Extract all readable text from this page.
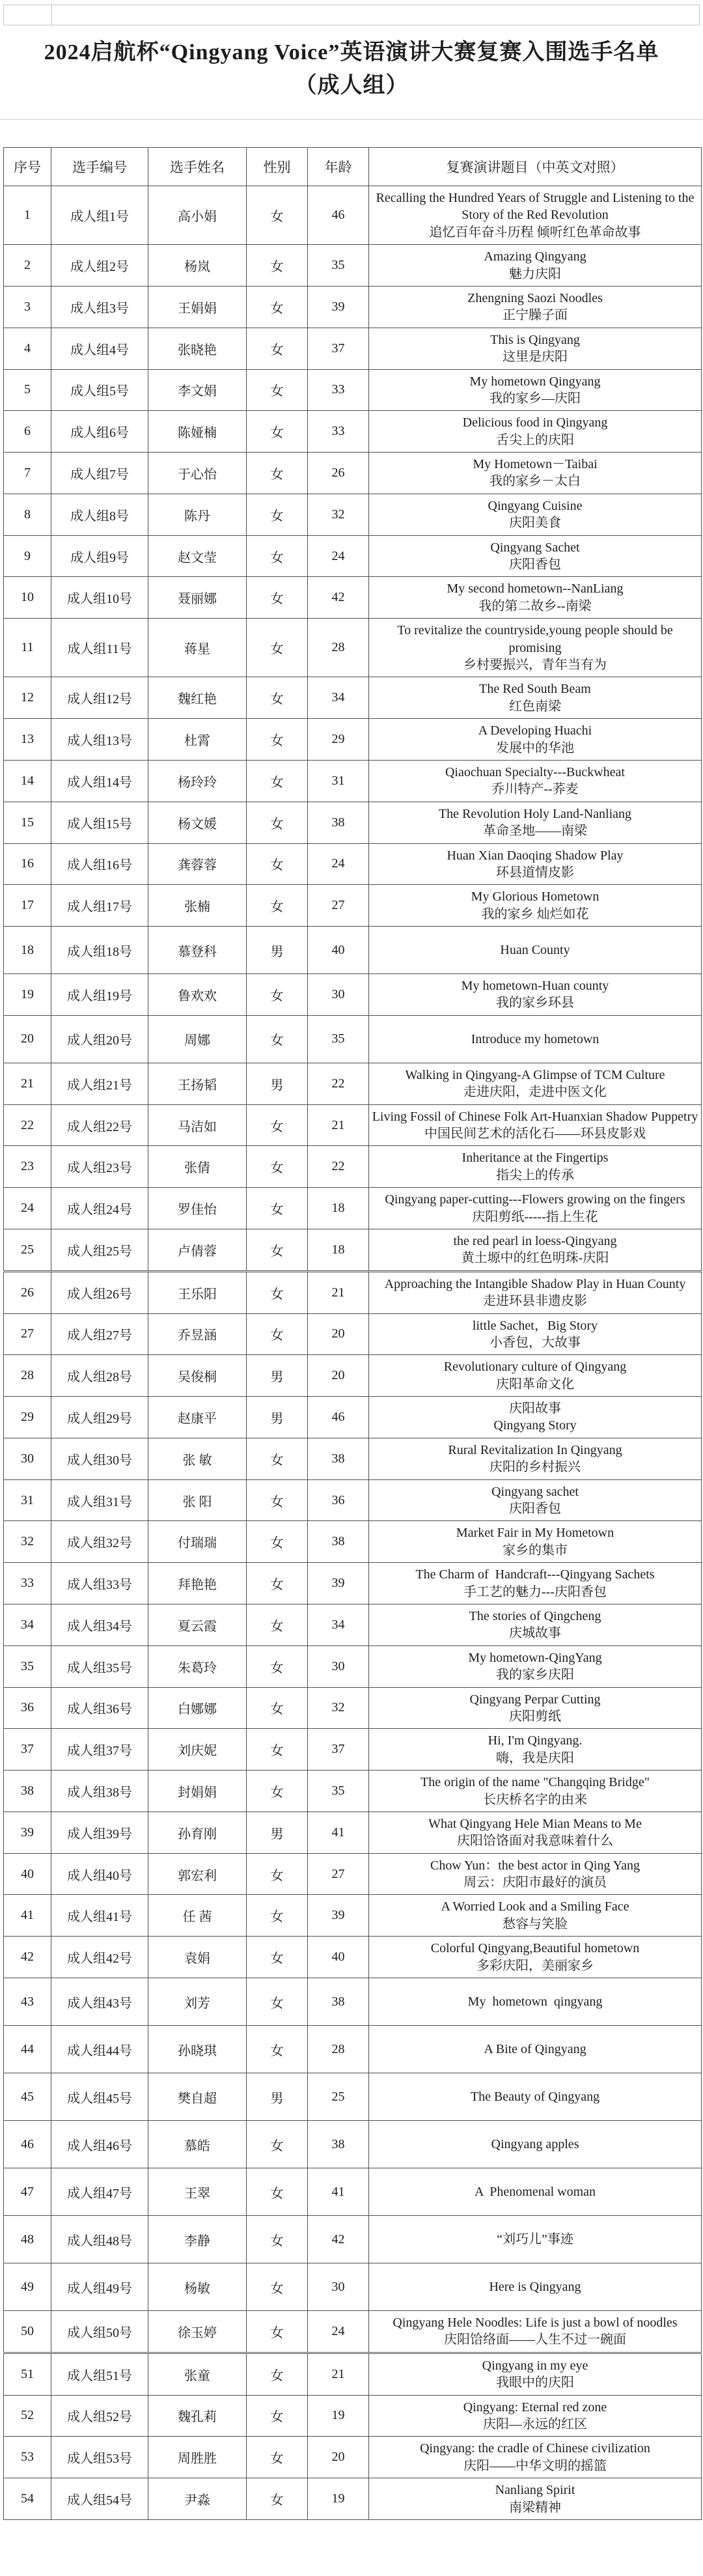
2024启航杯“Qingyang Voice”英语演讲大赛复赛入围选手名单
（成人组）
序号	选手编号	选手姓名	性别	年龄	复赛演讲题目（中英文对照）
1	成人组1号	高小娟	女	46	Recalling the Hundred Years of Struggle and Listening to the Story of the Red Revolution
追忆百年奋斗历程 倾听红色革命故事

2	成人组2号	杨岚	女	35	Amazing Qingyang
魅力庆阳

3	成人组3号	王娟娟	女	39	Zhengning Saozi Noodles
正宁臊子面

4	成人组4号	张晓艳	女	37	This is Qingyang
这里是庆阳

5	成人组5号	李文娟	女	33	My hometown Qingyang
我的家乡—庆阳

6	成人组6号	陈娅楠	女	33	Delicious food in Qingyang
舌尖上的庆阳

7	成人组7号	于心怡	女	26	My Hometown－Taibai
我的家乡－太白

8	成人组8号	陈丹	女	32	Qingyang Cuisine
庆阳美食

9	成人组9号	赵文莹	女	24	Qingyang Sachet
庆阳香包

10	成人组10号	聂丽娜	女	42	My second hometown--NanLiang
我的第二故乡--南梁

11	成人组11号	蒋星	女	28	To revitalize the countryside,young people should be promising
乡村要振兴，青年当有为

12	成人组12号	魏红艳	女	34	The Red South Beam
红色南梁

13	成人组13号	杜霄	女	29	A Developing Huachi
发展中的华池

14	成人组14号	杨玲玲	女	31	Qiaochuan Specialty---Buckwheat
乔川特产--荞麦

15	成人组15号	杨文媛	女	38	The Revolution Holy Land-Nanliang
革命圣地——南梁

16	成人组16号	龚蓉蓉	女	24	Huan Xian Daoqing Shadow Play
环县道情皮影

17	成人组17号	张楠	女	27	My Glorious Hometown
我的家乡 灿烂如花

18	成人组18号	慕登科	男	40	Huan County

19	成人组19号	鲁欢欢	女	30	My hometown-Huan county
我的家乡环县

20	成人组20号	周娜	女	35	Introduce my hometown

21	成人组21号	王扬韬	男	22	Walking in Qingyang-A Glimpse of TCM Culture
走进庆阳，走进中医文化

22	成人组22号	马洁如	女	21	Living Fossil of Chinese Folk Art-Huanxian Shadow Puppetry
中国民间艺术的活化石——环县皮影戏

23	成人组23号	张倩	女	22	Inheritance at the Fingertips
指尖上的传承

24	成人组24号	罗佳怡	女	18	Qingyang paper-cutting---Flowers growing on the fingers
庆阳剪纸-----指上生花

25	成人组25号	卢倩蓉	女	18	the red pearl in loess-Qingyang
黄土塬中的红色明珠-庆阳

26	成人组26号	王乐阳	女	21	Approaching the Intangible Shadow Play in Huan County
走进环县非遗皮影

27	成人组27号	乔昱涵	女	20	little Sachet，Big Story
小香包，大故事

28	成人组28号	吴俊桐	男	20	Revolutionary culture of Qingyang
庆阳革命文化

29	成人组29号	赵康平	男	46	庆阳故事
Qingyang Story

30	成人组30号	张 敏	女	38	Rural Revitalization In Qingyang
庆阳的乡村振兴

31	成人组31号	张 阳	女	36	Qingyang sachet
庆阳香包

32	成人组32号	付瑞瑞	女	38	Market Fair in My Hometown
家乡的集市

33	成人组33号	拜艳艳	女	39	The Charm of  Handcraft---Qingyang Sachets
手工艺的魅力---庆阳香包

34	成人组34号	夏云霞	女	34	The stories of Qingcheng
庆城故事

35	成人组35号	朱葛玲	女	30	My hometown-QingYang
我的家乡庆阳

36	成人组36号	白娜娜	女	32	Qingyang Perpar Cutting
庆阳剪纸

37	成人组37号	刘庆妮	女	37	Hi, I'm Qingyang.
嗨，我是庆阳

38	成人组38号	封娟娟	女	35	The origin of the name "Changqing Bridge"
长庆桥名字的由来

39	成人组39号	孙育刚	男	41	What Qingyang Hele Mian Means to Me
庆阳饸饹面对我意味着什么

40	成人组40号	郭宏利	女	27	Chow Yun：the best actor in Qing Yang
周云：庆阳市最好的演员

41	成人组41号	任 茜	女	39	A Worried Look and a Smiling Face
愁容与笑脸

42	成人组42号	袁娟	女	40	Colorful Qingyang,Beautiful hometown
多彩庆阳，美丽家乡

43	成人组43号	刘芳	女	38	My  hometown  qingyang

44	成人组44号	孙晓琪	女	28	A Bite of Qingyang

45	成人组45号	樊自超	男	25	The Beauty of Qingyang

46	成人组46号	慕皓	女	38	Qingyang apples

47	成人组47号	王翠	女	41	A  Phenomenal woman

48	成人组48号	李静	女	42	“刘巧儿”事迹

49	成人组49号	杨敏	女	30	Here is Qingyang

50	成人组50号	徐玉婷	女	24	Qingyang Hele Noodles: Life is just a bowl of noodles
庆阳饸络面——人生不过一碗面

51	成人组51号	张童	女	21	Qingyang in my eye
我眼中的庆阳

52	成人组52号	魏孔莉	女	19	Qingyang: Eternal red zone
庆阳—永远的红区

53	成人组53号	周胜胜	女	20	Qingyang: the cradle of Chinese civilization
庆阳——中华文明的摇篮

54	成人组54号	尹淼	女	19	Nanliang Spirit
南梁精神
